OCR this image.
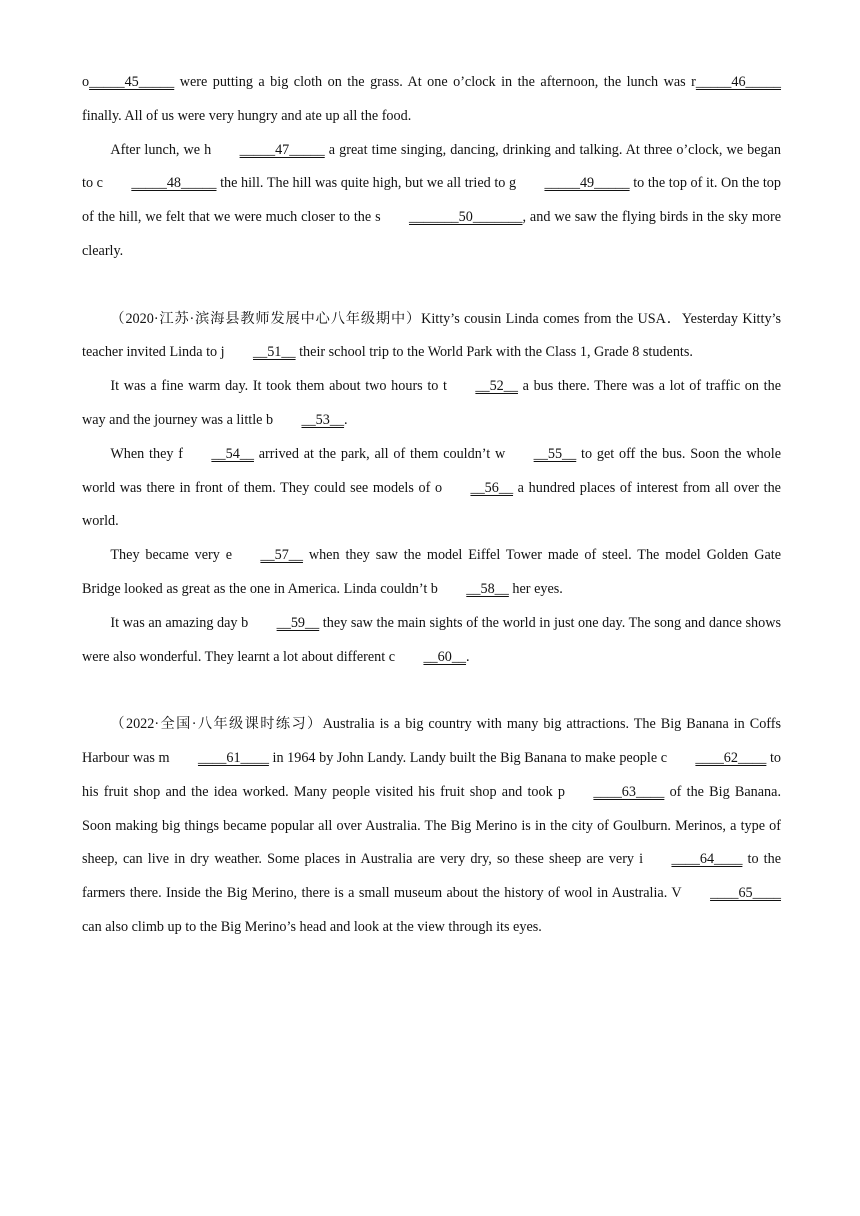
o_____45_____ were putting a big cloth on the grass. At one o’clock in the afternoon, the lunch was r_____46_____ finally. All of us were very hungry and ate up all the food.

After lunch, we h _____47_____ a great time singing, dancing, drinking and talking. At three o’clock, we began to c _____48_____ the hill. The hill was quite high, but we all tried to g _____49_____ to the top of it. On the top of the hill, we felt that we were much closer to the s _______50_______, and we saw the flying birds in the sky more clearly.

（2020·江苏·滨海县教师发展中心八年级期中）Kitty’s cousin Linda comes from the USA．Yesterday Kitty’s teacher invited Linda to j __51__ their school trip to the World Park with the Class 1, Grade 8 students.

It was a fine warm day. It took them about two hours to t __52__ a bus there. There was a lot of traffic on the way and the journey was a little b __53__.

When they f __54__ arrived at the park, all of them couldn’t w __55__ to get off the bus. Soon the whole world was there in front of them. They could see models of o __56__ a hundred places of interest from all over the world.

They became very e __57__ when they saw the model Eiffel Tower made of steel. The model Golden Gate Bridge looked as great as the one in America. Linda couldn’t b __58__ her eyes.

It was an amazing day b __59__ they saw the main sights of the world in just one day. The song and dance shows were also wonderful. They learnt a lot about different c __60__.

（2022·全国·八年级课时练习）Australia is a big country with many big attractions. The Big Banana in Coffs Harbour was m ____61____ in 1964 by John Landy. Landy built the Big Banana to make people c ____62____ to his fruit shop and the idea worked. Many people visited his fruit shop and took p ____63____ of the Big Banana. Soon making big things became popular all over Australia. The Big Merino is in the city of Goulburn. Merinos, a type of sheep, can live in dry weather. Some places in Australia are very dry, so these sheep are very i ____64____ to the farmers there. Inside the Big Merino, there is a small museum about the history of wool in Australia. V ____65____ can also climb up to the Big Merino’s head and look at the view through its eyes.
